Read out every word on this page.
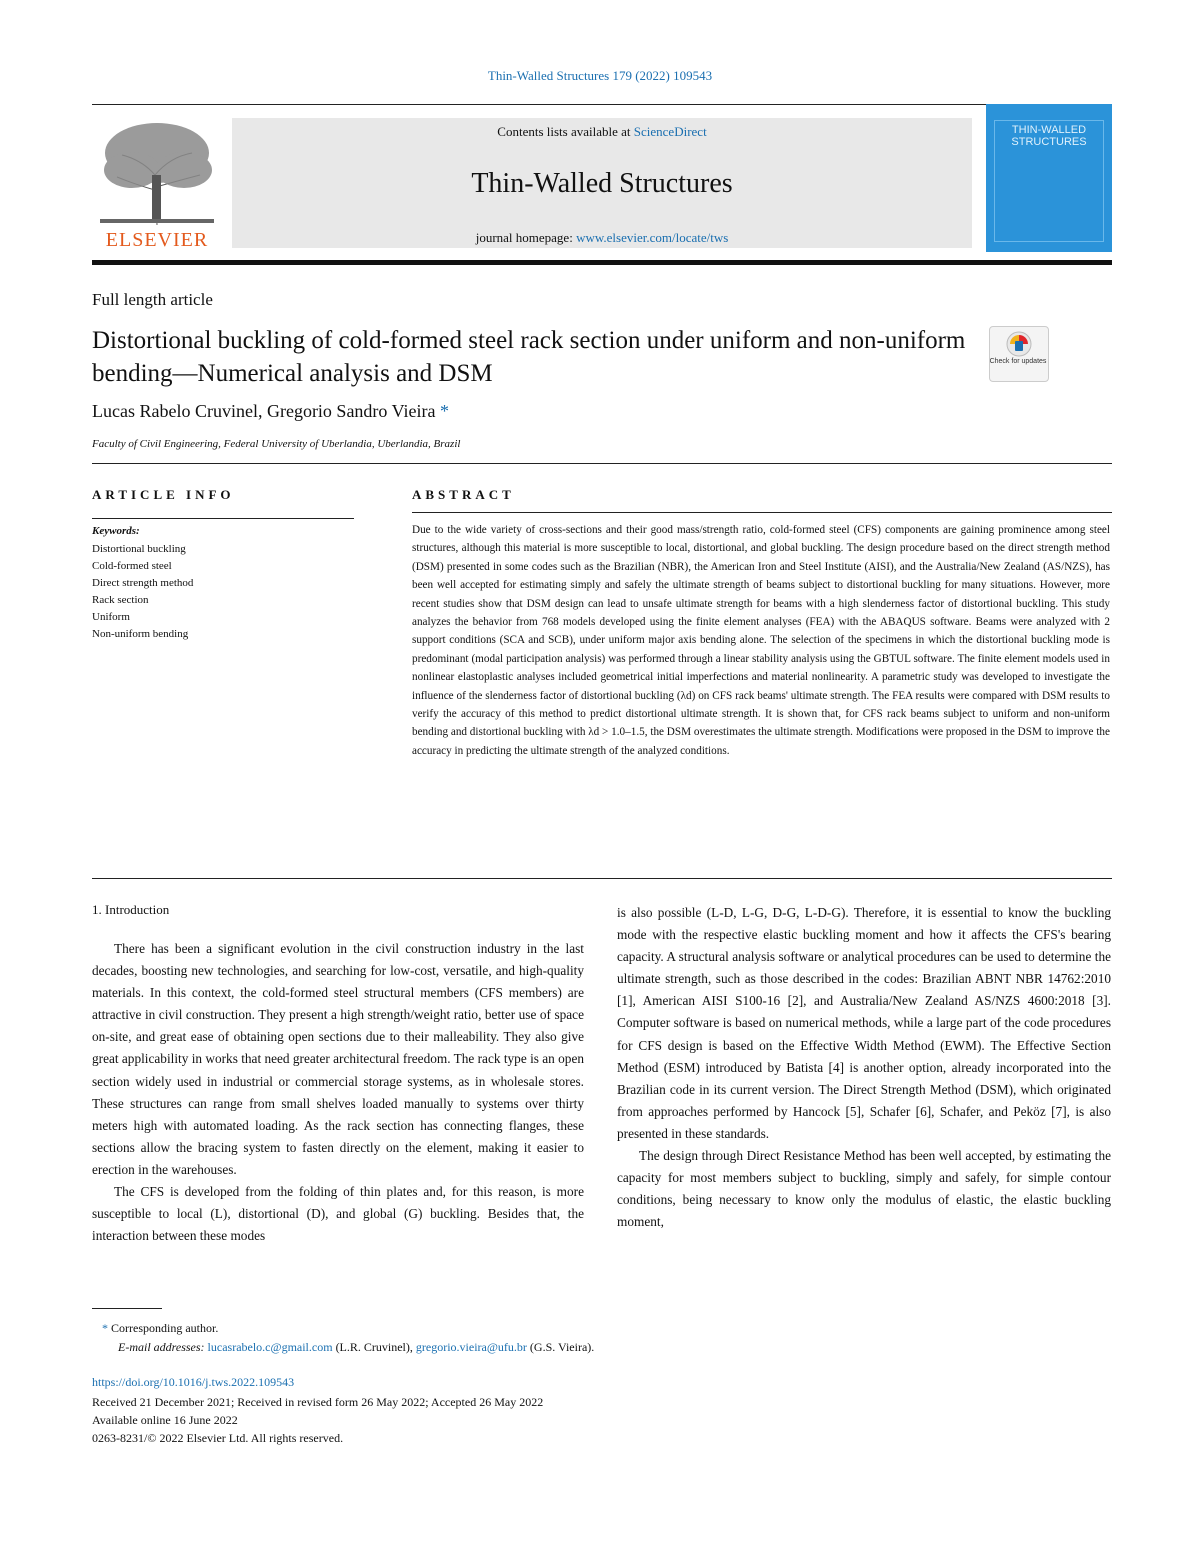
Thin-Walled Structures 179 (2022) 109543
ELSEVIER
Contents lists available at ScienceDirect
Thin-Walled Structures
journal homepage: www.elsevier.com/locate/tws
THIN-WALLED STRUCTURES
Full length article
Distortional buckling of cold-formed steel rack section under uniform and non-uniform bending—Numerical analysis and DSM	Check for updates
Lucas Rabelo Cruvinel, Gregorio Sandro Vieira *
Faculty of Civil Engineering, Federal University of Uberlandia, Uberlandia, Brazil
ARTICLE INFO
Keywords:
Distortional buckling
Cold-formed steel
Direct strength method
Rack section
Uniform
Non-uniform bending
ABSTRACT
Due to the wide variety of cross-sections and their good mass/strength ratio, cold-formed steel (CFS) components are gaining prominence among steel structures, although this material is more susceptible to local, distortional, and global buckling. The design procedure based on the direct strength method (DSM) presented in some codes such as the Brazilian (NBR), the American Iron and Steel Institute (AISI), and the Australia/New Zealand (AS/NZS), has been well accepted for estimating simply and safely the ultimate strength of beams subject to distortional buckling for many situations. However, more recent studies show that DSM design can lead to unsafe ultimate strength for beams with a high slenderness factor of distortional buckling. This study analyzes the behavior from 768 models developed using the finite element analyses (FEA) with the ABAQUS software. Beams were analyzed with 2 support conditions (SCA and SCB), under uniform major axis bending alone. The selection of the specimens in which the distortional buckling mode is predominant (modal participation analysis) was performed through a linear stability analysis using the GBTUL software. The finite element models used in nonlinear elastoplastic analyses included geometrical initial imperfections and material nonlinearity. A parametric study was developed to investigate the influence of the slenderness factor of distortional buckling (λd) on CFS rack beams' ultimate strength. The FEA results were compared with DSM results to verify the accuracy of this method to predict distortional ultimate strength. It is shown that, for CFS rack beams subject to uniform and non-uniform bending and distortional buckling with λd > 1.0–1.5, the DSM overestimates the ultimate strength. Modifications were proposed in the DSM to improve the accuracy in predicting the ultimate strength of the analyzed conditions.
1. Introduction

There has been a significant evolution in the civil construction industry in the last decades, boosting new technologies, and searching for low-cost, versatile, and high-quality materials. In this context, the cold-formed steel structural members (CFS members) are attractive in civil construction. They present a high strength/weight ratio, better use of space on-site, and great ease of obtaining open sections due to their malleability. They also give great applicability in works that need greater architectural freedom. The rack type is an open section widely used in industrial or commercial storage systems, as in wholesale stores. These structures can range from small shelves loaded manually to systems over thirty meters high with automated loading. As the rack section has connecting flanges, these sections allow the bracing system to fasten directly on the element, making it easier to erection in the warehouses.

The CFS is developed from the folding of thin plates and, for this reason, is more susceptible to local (L), distortional (D), and global (G) buckling. Besides that, the interaction between these modes

is also possible (L-D, L-G, D-G, L-D-G). Therefore, it is essential to know the buckling mode with the respective elastic buckling moment and how it affects the CFS's bearing capacity. A structural analysis software or analytical procedures can be used to determine the ultimate strength, such as those described in the codes: Brazilian ABNT NBR 14762:2010 [1], American AISI S100-16 [2], and Australia/New Zealand AS/NZS 4600:2018 [3]. Computer software is based on numerical methods, while a large part of the code procedures for CFS design is based on the Effective Width Method (EWM). The Effective Section Method (ESM) introduced by Batista [4] is another option, already incorporated into the Brazilian code in its current version. The Direct Strength Method (DSM), which originated from approaches performed by Hancock [5], Schafer [6], Schafer, and Peköz [7], is also presented in these standards.

The design through Direct Resistance Method has been well accepted, by estimating the capacity for most members subject to buckling, simply and safely, for simple contour conditions, being necessary to know only the modulus of elastic, the elastic buckling moment,

* Corresponding author.
E-mail addresses: lucasrabelo.c@gmail.com (L.R. Cruvinel), gregorio.vieira@ufu.br (G.S. Vieira).
https://doi.org/10.1016/j.tws.2022.109543
Received 21 December 2021; Received in revised form 26 May 2022; Accepted 26 May 2022
Available online 16 June 2022
0263-8231/© 2022 Elsevier Ltd. All rights reserved.
